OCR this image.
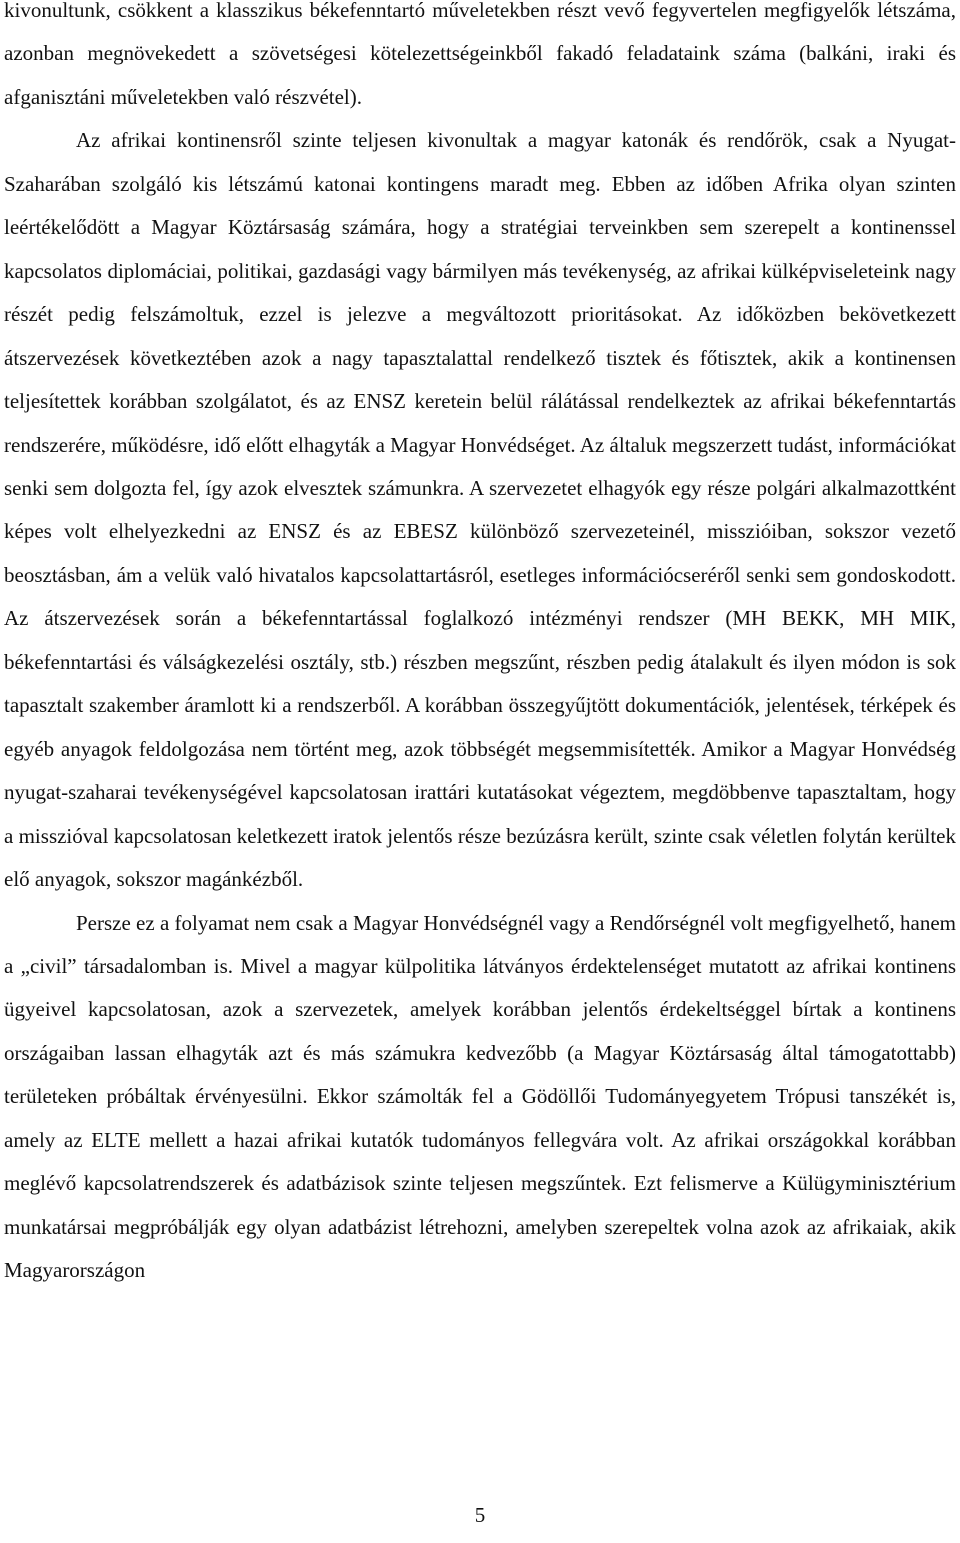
kivonultunk, csökkent a klasszikus békefenntartó műveletekben részt vevő fegyvertelen megfigyelők létszáma, azonban megnövekedett a szövetségesi kötelezettségeinkből fakadó feladataink száma (balkáni, iraki és afganisztáni műveletekben való részvétel).

Az afrikai kontinensről szinte teljesen kivonultak a magyar katonák és rendőrök, csak a Nyugat-Szaharában szolgáló kis létszámú katonai kontingens maradt meg. Ebben az időben Afrika olyan szinten leértékelődött a Magyar Köztársaság számára, hogy a stratégiai terveinkben sem szerepelt a kontinenssel kapcsolatos diplomáciai, politikai, gazdasági vagy bármilyen más tevékenység, az afrikai külképviseleteink nagy részét pedig felszámoltuk, ezzel is jelezve a megváltozott prioritásokat. Az időközben bekövetkezett átszervezések következtében azok a nagy tapasztalattal rendelkező tisztek és főtisztek, akik a kontinensen teljesítettek korábban szolgálatot, és az ENSZ keretein belül rálátással rendelkeztek az afrikai békefenntartás rendszerére, működésre, idő előtt elhagyták a Magyar Honvédséget. Az általuk megszerzett tudást, információkat senki sem dolgozta fel, így azok elvesztek számunkra. A szervezetet elhagyók egy része polgári alkalmazottként képes volt elhelyezkedni az ENSZ és az EBESZ különböző szervezeteinél, misszióiban, sokszor vezető beosztásban, ám a velük való hivatalos kapcsolattartásról, esetleges információcseréről senki sem gondoskodott. Az átszervezések során a békefenntartással foglalkozó intézményi rendszer (MH BEKK, MH MIK, békefenntartási és válságkezelési osztály, stb.) részben megszűnt, részben pedig átalakult és ilyen módon is sok tapasztalt szakember áramlott ki a rendszerből. A korábban összegyűjtött dokumentációk, jelentések, térképek és egyéb anyagok feldolgozása nem történt meg, azok többségét megsemmisítették. Amikor a Magyar Honvédség nyugat-szaharai tevékenységével kapcsolatosan irattári kutatásokat végeztem, megdöbbenve tapasztaltam, hogy a misszióval kapcsolatosan keletkezett iratok jelentős része bezúzásra került, szinte csak véletlen folytán kerültek elő anyagok, sokszor magánkézből.

Persze ez a folyamat nem csak a Magyar Honvédségnél vagy a Rendőrségnél volt megfigyelhető, hanem a „civil” társadalomban is. Mivel a magyar külpolitika látványos érdektelenséget mutatott az afrikai kontinens ügyeivel kapcsolatosan, azok a szervezetek, amelyek korábban jelentős érdekeltséggel bírtak a kontinens országaiban lassan elhagyták azt és más számukra kedvezőbb (a Magyar Köztársaság által támogatottabb) területeken próbáltak érvényesülni. Ekkor számolták fel a Gödöllői Tudományegyetem Trópusi tanszékét is, amely az ELTE mellett a hazai afrikai kutatók tudományos fellegvára volt. Az afrikai országokkal korábban meglévő kapcsolatrendszerek és adatbázisok szinte teljesen megszűntek. Ezt felismerve a Külügyminisztérium munkatársai megpróbálják egy olyan adatbázist létrehozni, amelyben szerepeltek volna azok az afrikaiak, akik Magyarországon

5
